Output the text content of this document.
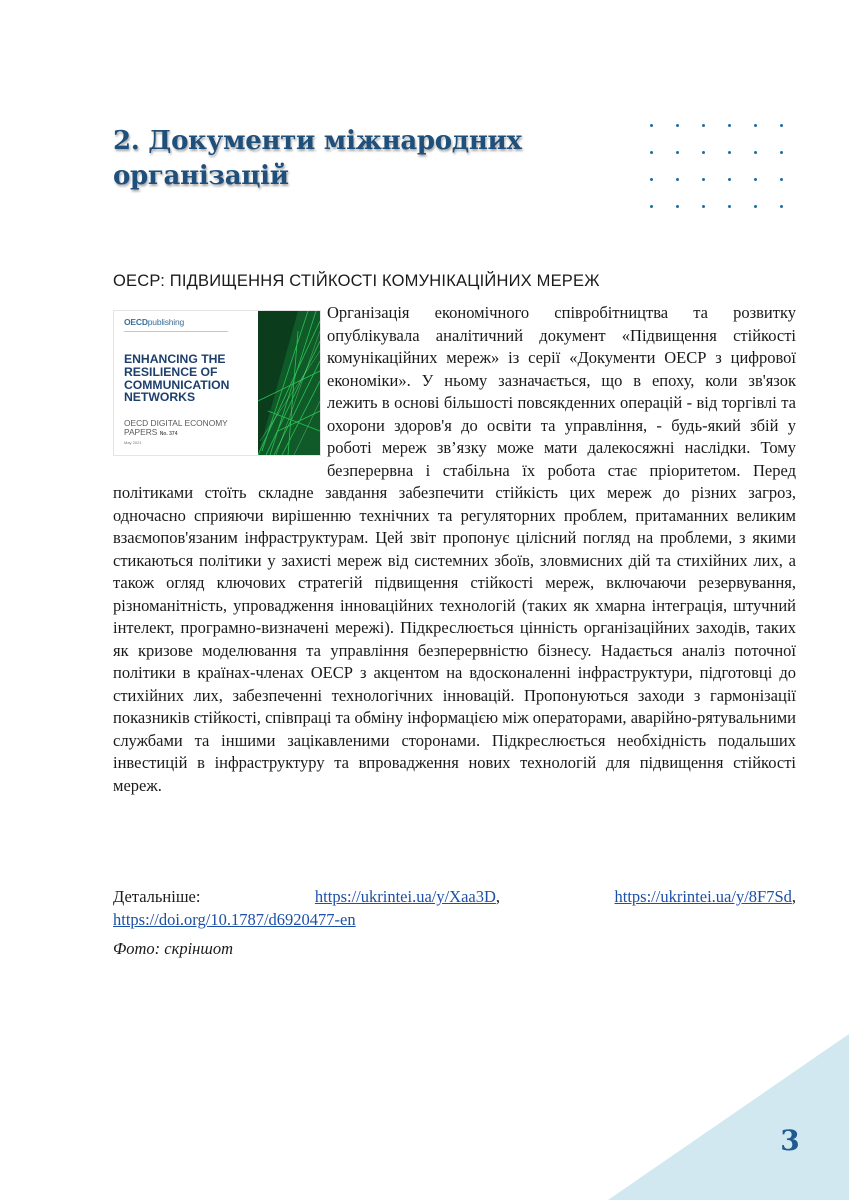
2. Документи міжнародних організацій
ОЕСР: ПІДВИЩЕННЯ СТІЙКОСТІ КОМУНІКАЦІЙНИХ МЕРЕЖ
OECDpublishing
ENHANCING THE RESILIENCE OF COMMUNICATION NETWORKS
OECD DIGITAL ECONOMY PAPERS No. 374
May 2021

Організація економічного співробітництва та розвитку опублікувала аналітичний документ «Підвищення стійкості комунікаційних мереж» із серії «Документи ОЕСР з цифрової економіки». У ньому зазначається, що в епоху, коли зв'язок лежить в основі більшості повсякденних операцій - від торгівлі та охорони здоров'я до освіти та управління, - будь-який збій у роботі мереж зв’язку може мати далекосяжні наслідки. Тому безперервна і стабільна їх робота стає пріоритетом. Перед політиками стоїть складне завдання забезпечити стійкість цих мереж до різних загроз, одночасно сприяючи вирішенню технічних та регуляторних проблем, притаманних великим взаємопов'язаним інфраструктурам. Цей звіт пропонує цілісний погляд на проблеми, з якими стикаються політики у захисті мереж від системних збоїв, зловмисних дій та стихійних лих, а також огляд ключових стратегій підвищення стійкості мереж, включаючи резервування, різноманітність, упровадження інноваційних технологій (таких як хмарна інтеграція, штучний інтелект, програмно-визначені мережі). Підкреслюється цінність організаційних заходів, таких як кризове моделювання та управління безперервністю бізнесу. Надається аналіз поточної політики в країнах-членах ОЕСР з акцентом на вдосконаленні інфраструктури, підготовці до стихійних лих, забезпеченні технологічних інновацій. Пропонуються заходи з гармонізації показників стійкості, співпраці та обміну інформацією між операторами, аварійно-рятувальними службами та іншими зацікавленими сторонами. Підкреслюється необхідність подальших інвестицій в інфраструктуру та впровадження нових технологій для підвищення стійкості мереж.

Детальніше:	https://ukrintei.ua/y/Xaa3D,	https://ukrintei.ua/y/8F7Sd, https://doi.org/10.1787/d6920477-en

Фото: скріншот

3
